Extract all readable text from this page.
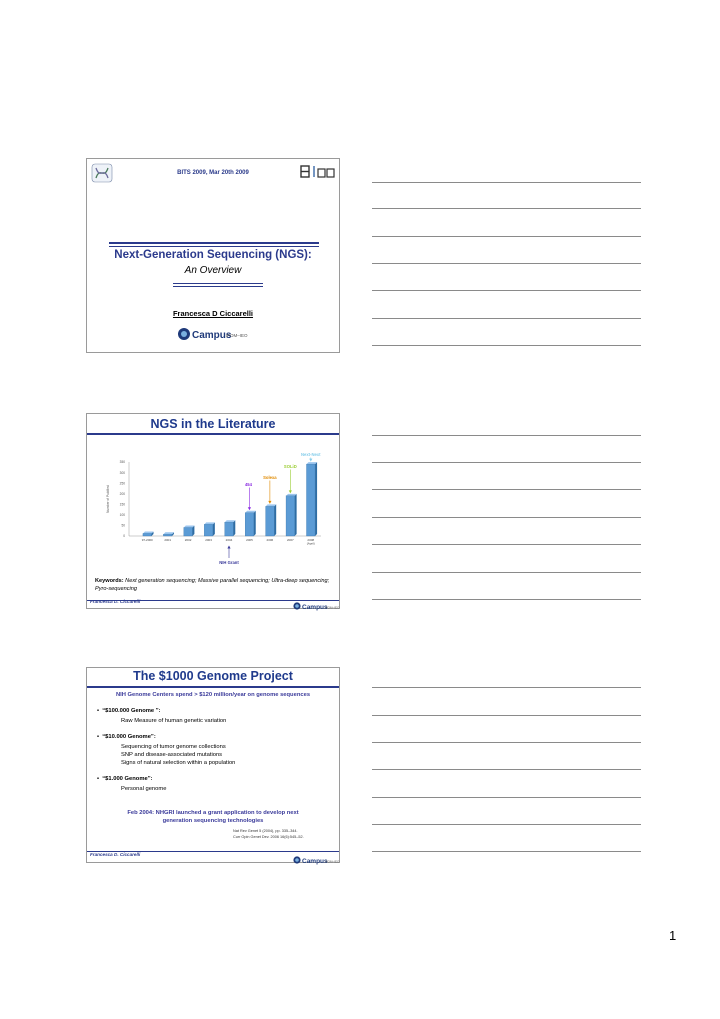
BITS 2009, Mar 20th 2009
Next-Generation Sequencing (NGS):
An Overview
Francesca D Ciccarelli
Campus
IFOM–IEO
NGS in the Literature
0
50
100
150
200
250
300
350
Number of PubMed
97-2000	2001	2002	2003	2004	2005	2006	2007	2008
(April)
NIH Grant
454
Solexa
SOLiD
Next-Next
Keywords: Next generation sequencing; Massive parallel sequencing; Ultra-deep sequencing; Pyro-sequencing
Francesca D. Ciccarelli
Campus
IFOM–IEO
The $1000 Genome Project
NIH Genome Centers spend > $120 million/year on genome sequences
•  “$100.000 Genome ”:
Raw Measure of human genetic variation
•  “$10.000 Genome”:
Sequencing of tumor genome collections
SNP and disease-associated mutations
Signs of natural selection within a population
•  “$1.000 Genome”:
Personal genome
Feb 2004: NHGRI launched a grant application to develop next
generation sequencing technologies
Nat Rev Genet 5 (2004), pp. 335–344.
Curr Opin Genet Dev. 2006 16(6):545–52.
Francesca D. Ciccarelli
Campus
IFOM–IEO
1
